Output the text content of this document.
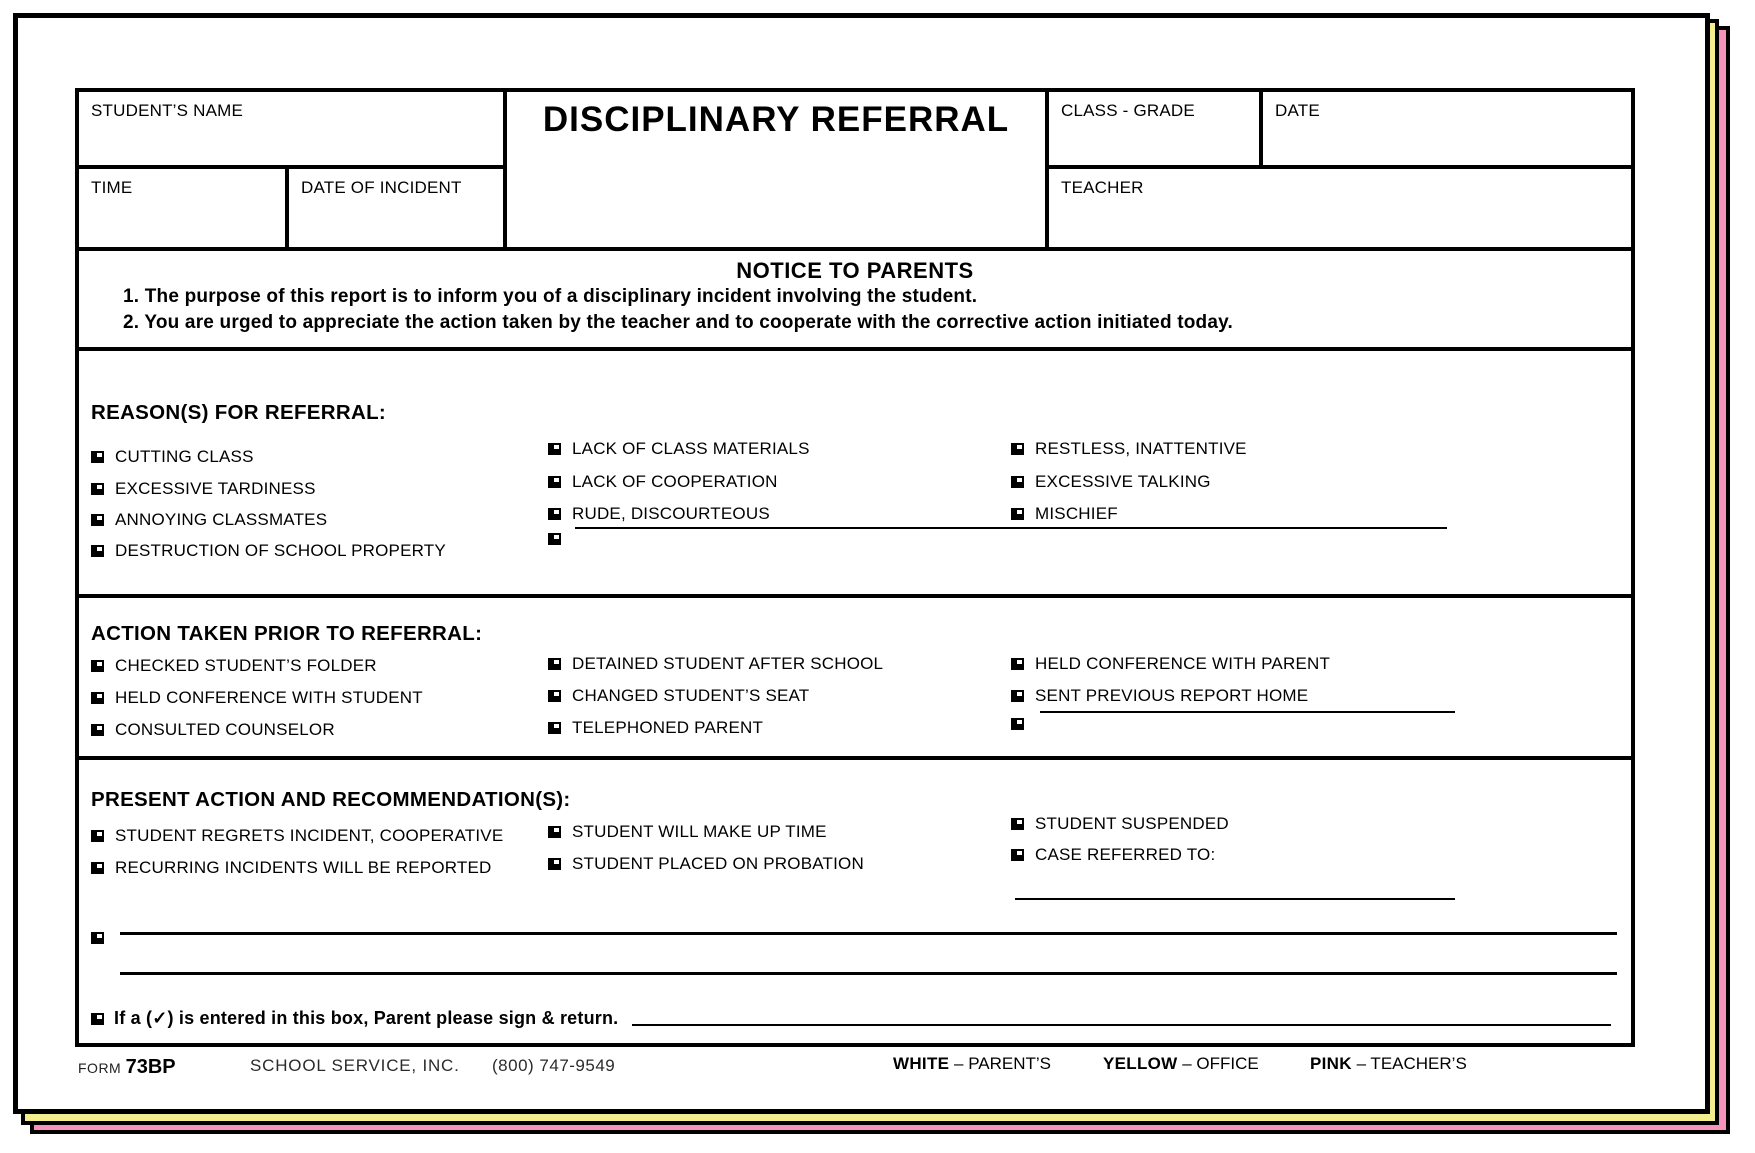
STUDENT’S NAME
TIME	DATE OF INCIDENT
DISCIPLINARY REFERRAL	CLASS - GRADE	DATE
TEACHER
NOTICE TO PARENTS
1. The purpose of this report is to inform you of a disciplinary incident involving the student.
2. You are urged to appreciate the action taken by the teacher and to cooperate with the corrective action initiated today.
REASON(S) FOR REFERRAL:
CUTTING CLASS
EXCESSIVE TARDINESS
ANNOYING CLASSMATES
DESTRUCTION OF SCHOOL PROPERTY
LACK OF CLASS MATERIALS
LACK OF COOPERATION
RUDE, DISCOURTEOUS
RESTLESS, INATTENTIVE
EXCESSIVE TALKING
MISCHIEF
ACTION TAKEN PRIOR TO REFERRAL:
CHECKED STUDENT’S FOLDER
HELD CONFERENCE WITH STUDENT
CONSULTED COUNSELOR
DETAINED STUDENT AFTER SCHOOL
CHANGED STUDENT’S SEAT
TELEPHONED PARENT
HELD CONFERENCE WITH PARENT
SENT PREVIOUS REPORT HOME
PRESENT ACTION AND RECOMMENDATION(S):
STUDENT REGRETS INCIDENT, COOPERATIVE
RECURRING INCIDENTS WILL BE REPORTED
STUDENT WILL MAKE UP TIME
STUDENT PLACED ON PROBATION
STUDENT SUSPENDED
CASE REFERRED TO:
If a (✓) is entered in this box, Parent please sign & return.
FORM 73BP	SCHOOL SERVICE, INC. (800) 747-9549	WHITE – PARENT’S	YELLOW – OFFICE	PINK – TEACHER’S
